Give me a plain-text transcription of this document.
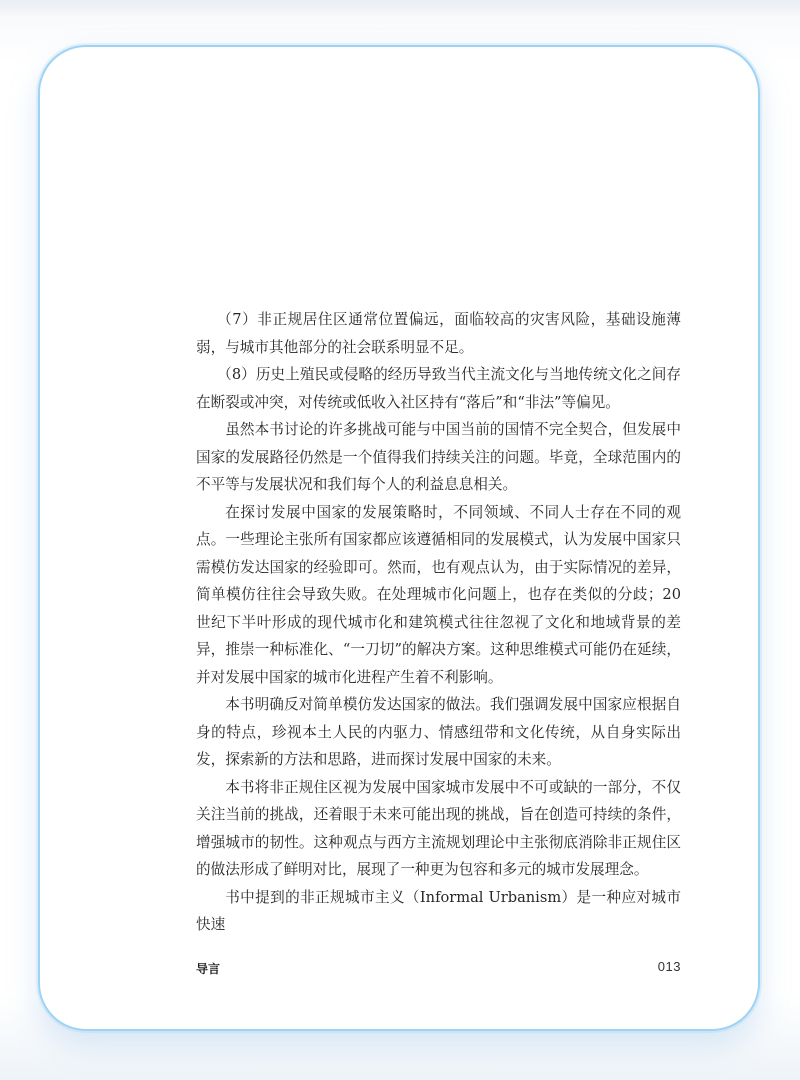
（7）非正规居住区通常位置偏远，面临较高的灾害风险，基础设施薄弱，与城市其他部分的社会联系明显不足。

（8）历史上殖民或侵略的经历导致当代主流文化与当地传统文化之间存在断裂或冲突，对传统或低收入社区持有“落后”和“非法”等偏见。

虽然本书讨论的许多挑战可能与中国当前的国情不完全契合，但发展中国家的发展路径仍然是一个值得我们持续关注的问题。毕竟，全球范围内的不平等与发展状况和我们每个人的利益息息相关。

在探讨发展中国家的发展策略时，不同领域、不同人士存在不同的观点。一些理论主张所有国家都应该遵循相同的发展模式，认为发展中国家只需模仿发达国家的经验即可。然而，也有观点认为，由于实际情况的差异，简单模仿往往会导致失败。在处理城市化问题上，也存在类似的分歧；20世纪下半叶形成的现代城市化和建筑模式往往忽视了文化和地域背景的差异，推崇一种标准化、“一刀切”的解决方案。这种思维模式可能仍在延续，并对发展中国家的城市化进程产生着不利影响。

本书明确反对简单模仿发达国家的做法。我们强调发展中国家应根据自身的特点，珍视本土人民的内驱力、情感纽带和文化传统，从自身实际出发，探索新的方法和思路，进而探讨发展中国家的未来。

本书将非正规住区视为发展中国家城市发展中不可或缺的一部分，不仅关注当前的挑战，还着眼于未来可能出现的挑战，旨在创造可持续的条件，增强城市的韧性。这种观点与西方主流规划理论中主张彻底消除非正规住区的做法形成了鲜明对比，展现了一种更为包容和多元的城市发展理念。

书中提到的非正规城市主义（Informal Urbanism）是一种应对城市快速

导言	013
